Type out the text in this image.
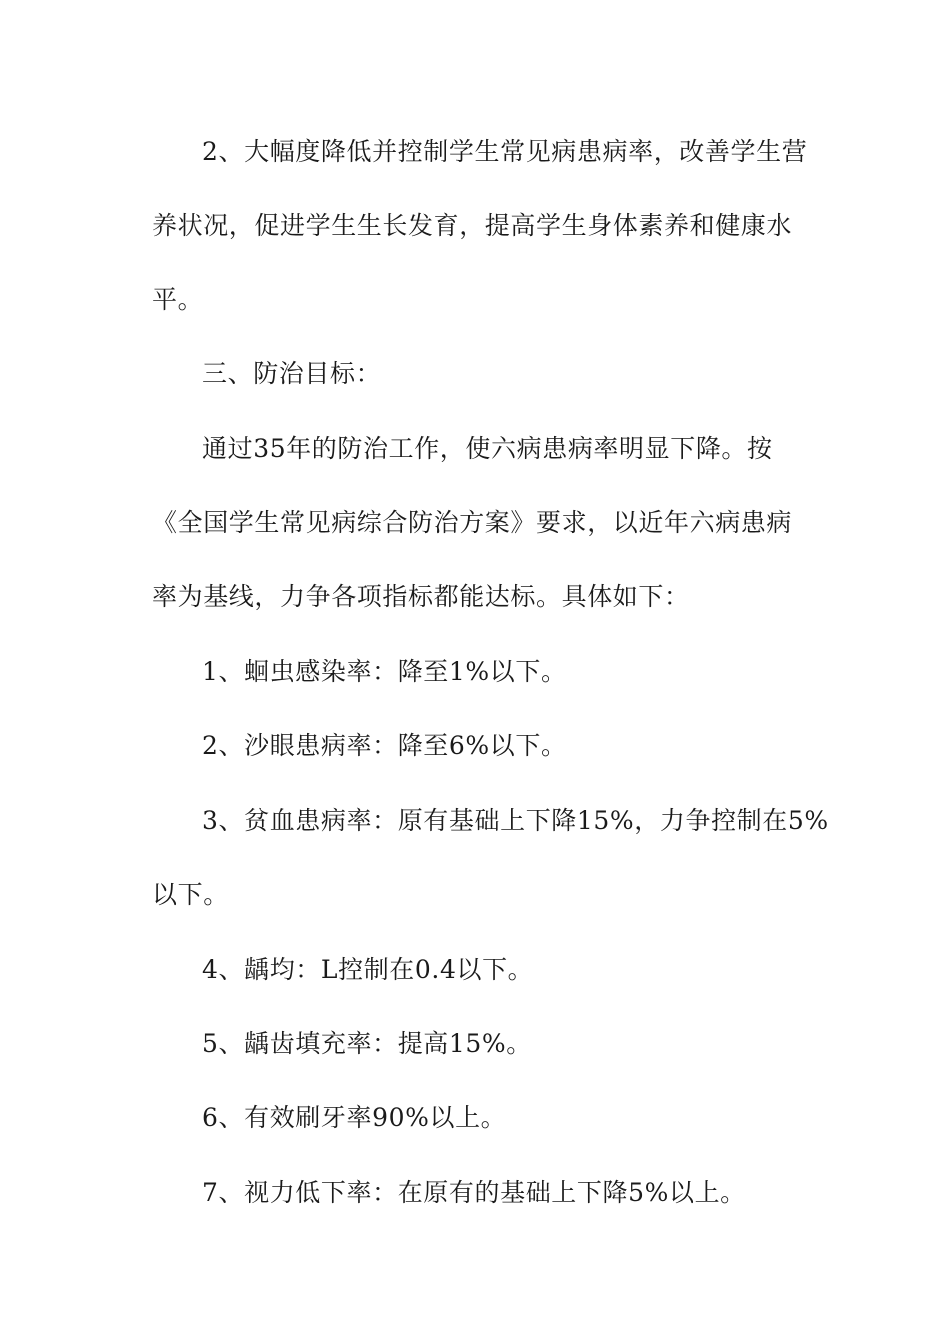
2、大幅度降低并控制学生常见病患病率，改善学生营

养状况，促进学生生长发育，提高学生身体素养和健康水

平。

三、防治目标：

通过35年的防治工作，使六病患病率明显下降。按

《全国学生常见病综合防治方案》要求，以近年六病患病

率为基线，力争各项指标都能达标。具体如下：

1、蛔虫感染率：降至1%以下。

2、沙眼患病率：降至6%以下。

3、贫血患病率：原有基础上下降15%，力争控制在5%

以下。

4、龋均：L控制在0.4以下。

5、龋齿填充率：提高15%。

6、有效刷牙率90%以上。

7、视力低下率：在原有的基础上下降5%以上。
